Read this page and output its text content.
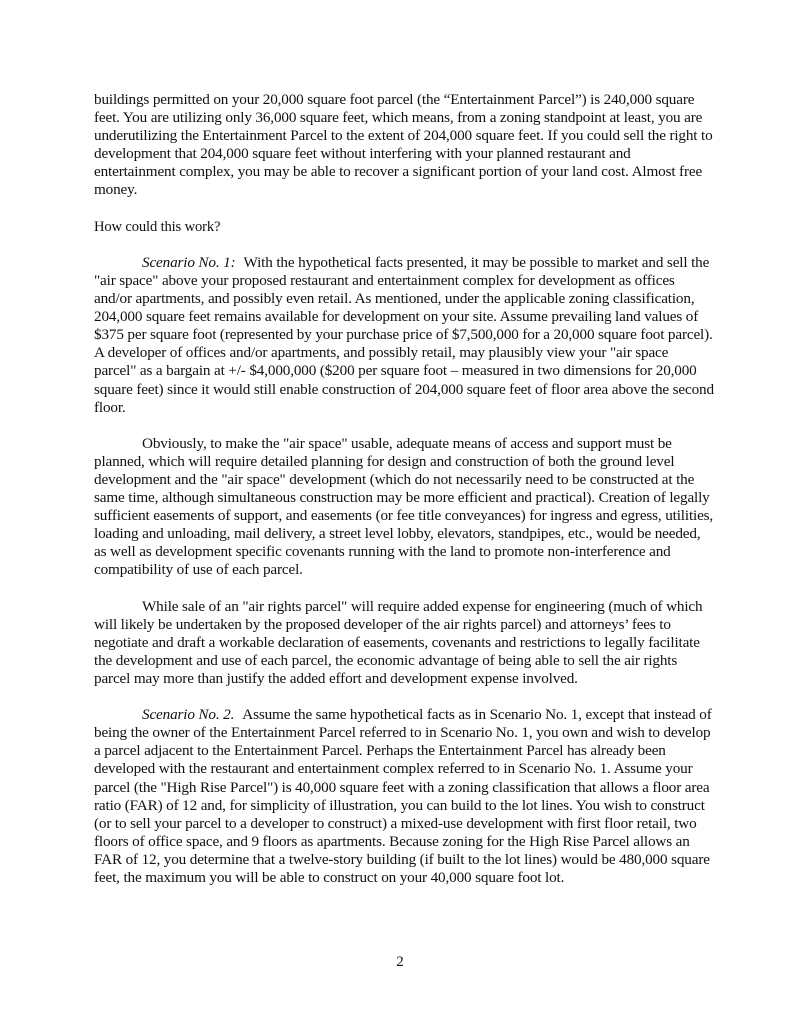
buildings permitted on your 20,000 square foot parcel (the “Entertainment Parcel”) is 240,000 square feet. You are utilizing only 36,000 square feet, which means, from a zoning standpoint at least, you are underutilizing the Entertainment Parcel to the extent of 204,000 square feet. If you could sell the right to development that 204,000 square feet without interfering with your planned restaurant and entertainment complex, you may be able to recover a significant portion of your land cost. Almost free money.

How could this work?

Scenario No. 1: With the hypothetical facts presented, it may be possible to market and sell the "air space" above your proposed restaurant and entertainment complex for development as offices and/or apartments, and possibly even retail. As mentioned, under the applicable zoning classification, 204,000 square feet remains available for development on your site. Assume prevailing land values of $375 per square foot (represented by your purchase price of $7,500,000 for a 20,000 square foot parcel). A developer of offices and/or apartments, and possibly retail, may plausibly view your "air space parcel" as a bargain at +/- $4,000,000 ($200 per square foot – measured in two dimensions for 20,000 square feet) since it would still enable construction of 204,000 square feet of floor area above the second floor.

Obviously, to make the "air space" usable, adequate means of access and support must be planned, which will require detailed planning for design and construction of both the ground level development and the "air space" development (which do not necessarily need to be constructed at the same time, although simultaneous construction may be more efficient and practical). Creation of legally sufficient easements of support, and easements (or fee title conveyances) for ingress and egress, utilities, loading and unloading, mail delivery, a street level lobby, elevators, standpipes, etc., would be needed, as well as development specific covenants running with the land to promote non-interference and compatibility of use of each parcel.

While sale of an "air rights parcel" will require added expense for engineering (much of which will likely be undertaken by the proposed developer of the air rights parcel) and attorneys’ fees to negotiate and draft a workable declaration of easements, covenants and restrictions to legally facilitate the development and use of each parcel, the economic advantage of being able to sell the air rights parcel may more than justify the added effort and development expense involved.

Scenario No. 2. Assume the same hypothetical facts as in Scenario No. 1, except that instead of being the owner of the Entertainment Parcel referred to in Scenario No. 1, you own and wish to develop a parcel adjacent to the Entertainment Parcel. Perhaps the Entertainment Parcel has already been developed with the restaurant and entertainment complex referred to in Scenario No. 1. Assume your parcel (the "High Rise Parcel") is 40,000 square feet with a zoning classification that allows a floor area ratio (FAR) of 12 and, for simplicity of illustration, you can build to the lot lines. You wish to construct (or to sell your parcel to a developer to construct) a mixed-use development with first floor retail, two floors of office space, and 9 floors as apartments. Because zoning for the High Rise Parcel allows an FAR of 12, you determine that a twelve-story building (if built to the lot lines) would be 480,000 square feet, the maximum you will be able to construct on your 40,000 square foot lot.

2
